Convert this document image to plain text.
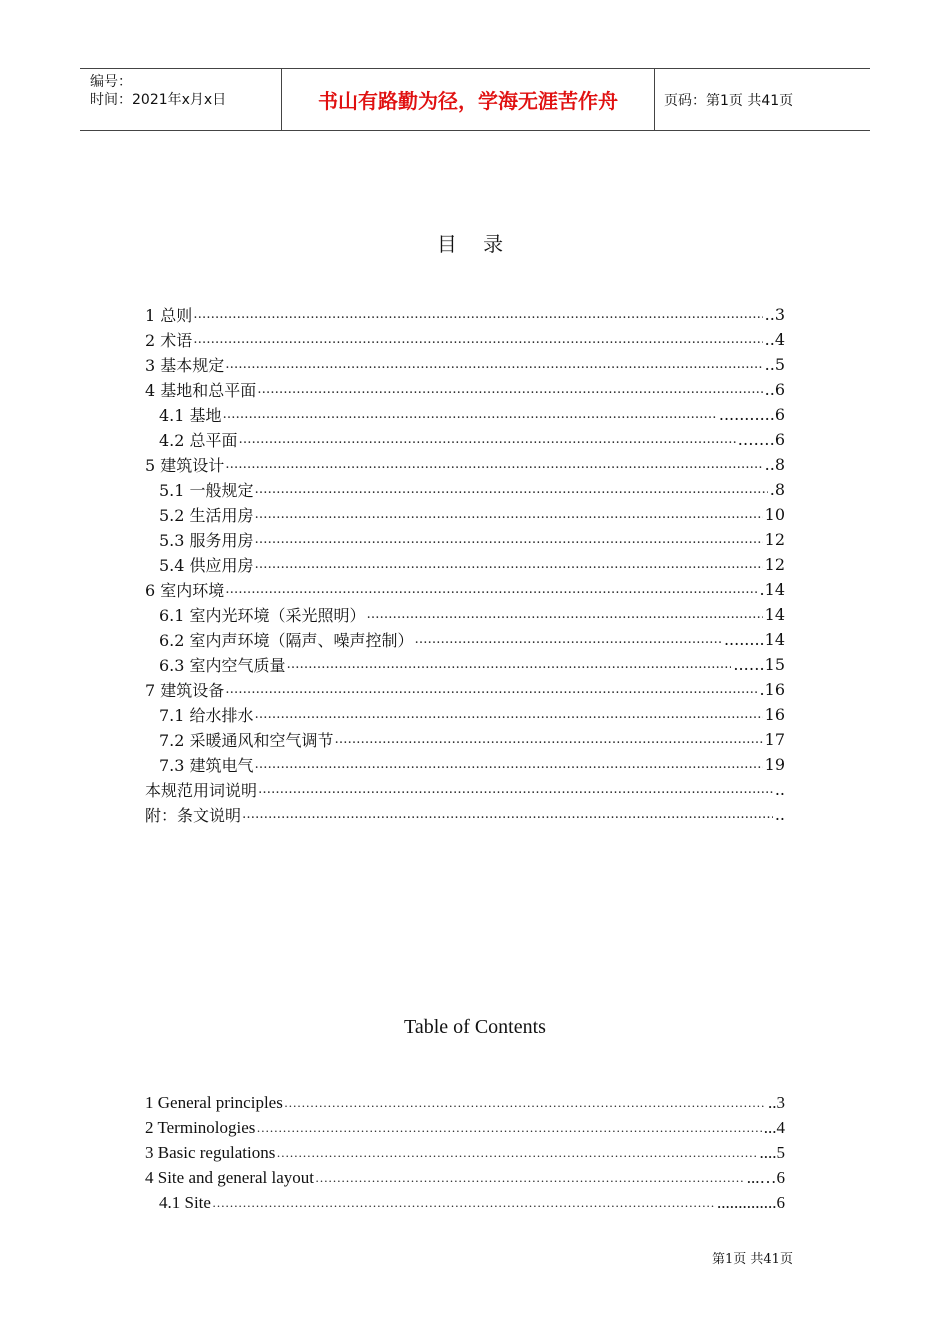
编号：
时间：2021年x月x日	书山有路勤为径，学海无涯苦作舟	页码：第1页 共41页
目 录
1 总则 ……………………………………………………………………………………………………………………………………………………………………	..3
2 术语 ……………………………………………………………………………………………………………………………………………………………………	..4
3 基本规定 ……………………………………………………………………………………………………………………………………………………………………	..5
4 基地和总平面 ……………………………………………………………………………………………………………………………………………………………………	..6
4.1 基地 ……………………………………………………………………………………………………………………………………………………………………	...........6
4.2 总平面 ……………………………………………………………………………………………………………………………………………………………………	.……6
5 建筑设计 ……………………………………………………………………………………………………………………………………………………………………	..8
5.1 一般规定 ……………………………………………………………………………………………………………………………………………………………………	.8
5.2 生活用房 ……………………………………………………………………………………………………………………………………………………………………	10
5.3 服务用房 ……………………………………………………………………………………………………………………………………………………………………	12
5.4 供应用房 ……………………………………………………………………………………………………………………………………………………………………	12
6 室内环境 ……………………………………………………………………………………………………………………………………………………………………	.14
6.1 室内光环境（采光照明） ……………………………………………………………………………………………………………………………………………………………………	14
6.2 室内声环境（隔声、噪声控制） ……………………………………………………………………………………………………………………………………………………………………	........14
6.3 室内空气质量 ……………………………………………………………………………………………………………………………………………………………………	..….15
7 建筑设备 ……………………………………………………………………………………………………………………………………………………………………	.16
7.1 给水排水 ……………………………………………………………………………………………………………………………………………………………………	16
7.2 采暖通风和空气调节 ……………………………………………………………………………………………………………………………………………………………………	17
7.3 建筑电气 ……………………………………………………………………………………………………………………………………………………………………	19
本规范用词说明 ……………………………………………………………………………………………………………………………………………………………………	..
附：条文说明 ……………………………………………………………………………………………………………………………………………………………………	..
Table of Contents
1 General principles ……………………………………………………………………………………………………………………………………………………………………	..3
2 Terminologies ……………………………………………………………………………………………………………………………………………………………………	...4
3 Basic regulations ……………………………………………………………………………………………………………………………………………………………………	....5
4 Site and general layout ……………………………………………………………………………………………………………………………………………………………………	...…6
4.1 Site ……………………………………………………………………………………………………………………………………………………………………	..............6
第1页 共41页
